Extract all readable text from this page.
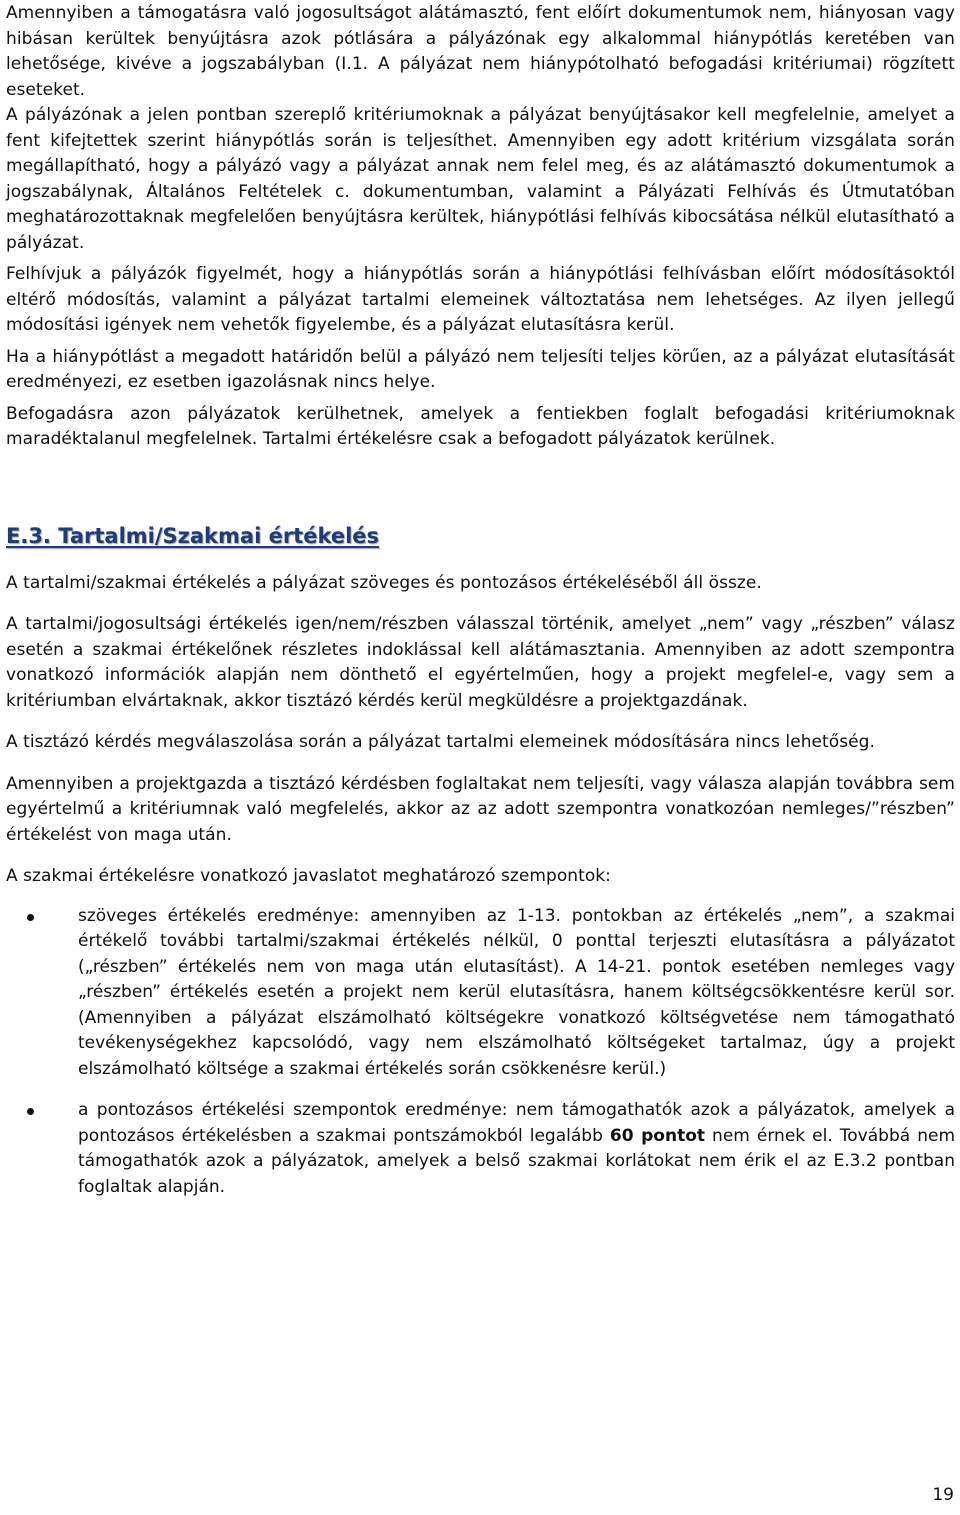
Amennyiben a támogatásra való jogosultságot alátámasztó, fent előírt dokumentumok nem, hiányosan vagy hibásan kerültek benyújtásra azok pótlására a pályázónak egy alkalommal hiánypótlás keretében van lehetősége, kivéve a jogszabályban (I.1. A pályázat nem hiánypótolható befogadási kritériumai) rögzített eseteket.

A pályázónak a jelen pontban szereplő kritériumoknak a pályázat benyújtásakor kell megfelelnie, amelyet a fent kifejtettek szerint hiánypótlás során is teljesíthet. Amennyiben egy adott kritérium vizsgálata során megállapítható, hogy a pályázó vagy a pályázat annak nem felel meg, és az alátámasztó dokumentumok a jogszabálynak, Általános Feltételek c. dokumentumban, valamint a Pályázati Felhívás és Útmutatóban meghatározottaknak megfelelően benyújtásra kerültek, hiánypótlási felhívás kibocsátása nélkül elutasítható a pályázat.

Felhívjuk a pályázók figyelmét, hogy a hiánypótlás során a hiánypótlási felhívásban előírt módosításoktól eltérő módosítás, valamint a pályázat tartalmi elemeinek változtatása nem lehetséges. Az ilyen jellegű módosítási igények nem vehetők figyelembe, és a pályázat elutasításra kerül.

Ha a hiánypótlást a megadott határidőn belül a pályázó nem teljesíti teljes körűen, az a pályázat elutasítását eredményezi, ez esetben igazolásnak nincs helye.

Befogadásra azon pályázatok kerülhetnek, amelyek a fentiekben foglalt befogadási kritériumoknak maradéktalanul megfelelnek. Tartalmi értékelésre csak a befogadott pályázatok kerülnek.

E.3. Tartalmi/Szakmai értékelés

A tartalmi/szakmai értékelés a pályázat szöveges és pontozásos értékeléséből áll össze.

A tartalmi/jogosultsági értékelés igen/nem/részben válasszal történik, amelyet „nem” vagy „részben” válasz esetén a szakmai értékelőnek részletes indoklással kell alátámasztania. Amennyiben az adott szempontra vonatkozó információk alapján nem dönthető el egyértelműen, hogy a projekt megfelel-e, vagy sem a kritériumban elvártaknak, akkor tisztázó kérdés kerül megküldésre a projektgazdának.

A tisztázó kérdés megválaszolása során a pályázat tartalmi elemeinek módosítására nincs lehetőség.

Amennyiben a projektgazda a tisztázó kérdésben foglaltakat nem teljesíti, vagy válasza alapján továbbra sem egyértelmű a kritériumnak való megfelelés, akkor az az adott szempontra vonatkozóan nemleges/”részben” értékelést von maga után.

A szakmai értékelésre vonatkozó javaslatot meghatározó szempontok:

szöveges értékelés eredménye: amennyiben az 1-13. pontokban az értékelés „nem”, a szakmai értékelő további tartalmi/szakmai értékelés nélkül, 0 ponttal terjeszti elutasításra a pályázatot („részben” értékelés nem von maga után elutasítást). A 14-21. pontok esetében nemleges vagy „részben” értékelés esetén a projekt nem kerül elutasításra, hanem költségcsökkentésre kerül sor. (Amennyiben a pályázat elszámolható költségekre vonatkozó költségvetése nem támogatható tevékenységekhez kapcsolódó, vagy nem elszámolható költségeket tartalmaz, úgy a projekt elszámolható költsége a szakmai értékelés során csökkenésre kerül.)
a pontozásos értékelési szempontok eredménye: nem támogathatók azok a pályázatok, amelyek a pontozásos értékelésben a szakmai pontszámokból legalább 60 pontot nem érnek el. Továbbá nem támogathatók azok a pályázatok, amelyek a belső szakmai korlátokat nem érik el az E.3.2 pontban foglaltak alapján.
19
